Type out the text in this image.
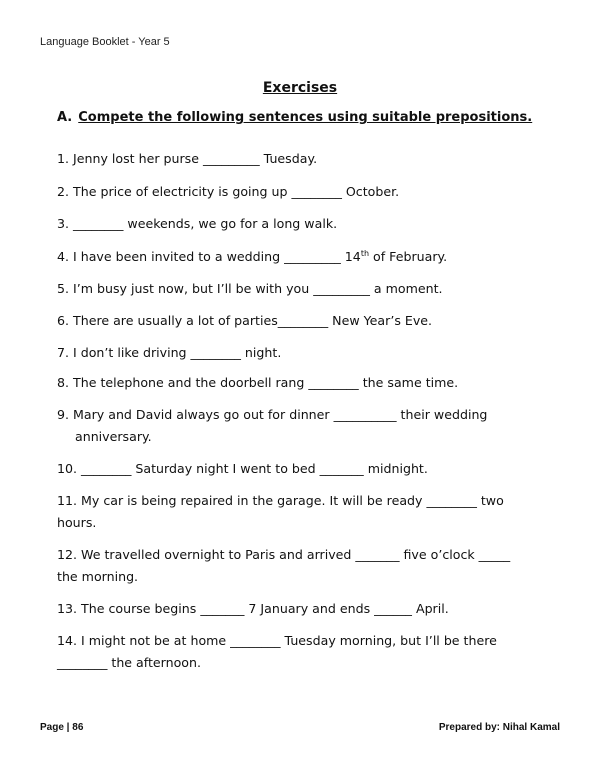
Language Booklet - Year 5
Exercises
A. Compete the following sentences using suitable prepositions.
1. Jenny lost her purse _________ Tuesday.
2. The price of electricity is going up ________ October.
3. ________ weekends, we go for a long walk.
4. I have been invited to a wedding _________ 14th of February.
5. I’m busy just now, but I’ll be with you _________ a moment.
6. There are usually a lot of parties________ New Year’s Eve.
7. I don’t like driving ________ night.
8. The telephone and the doorbell rang ________ the same time.
9. Mary and David always go out for dinner __________ their wedding
anniversary.
10. ________ Saturday night I went to bed _______ midnight.
11. My car is being repaired in the garage. It will be ready ________ two
hours.
12. We travelled overnight to Paris and arrived _______ five o’clock _____
the morning.
13. The course begins _______ 7 January and ends ______ April.
14. I might not be at home ________ Tuesday morning, but I’ll be there
________ the afternoon.
Page | 86	Prepared by: Nihal Kamal
